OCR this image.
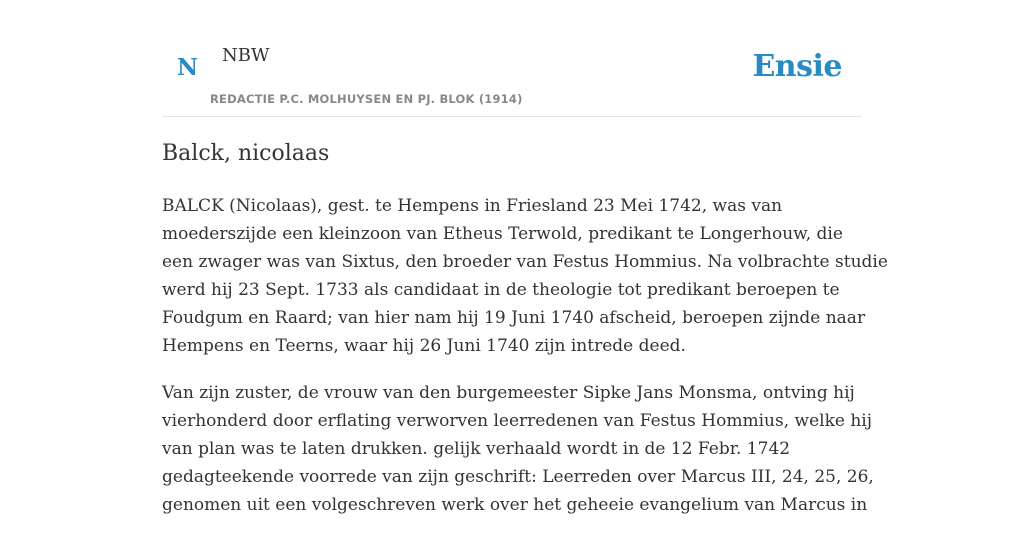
N NBW
REDACTIE P.C. MOLHUYSEN EN PJ. BLOK (1914)
Ensie
Balck, nicolaas

BALCK (Nicolaas), gest. te Hempens in Friesland 23 Mei 1742, was van
moederszijde een kleinzoon van Etheus Terwold, predikant te Longerhouw, die
een zwager was van Sixtus, den broeder van Festus Hommius. Na volbrachte studie
werd hij 23 Sept. 1733 als candidaat in de theologie tot predikant beroepen te
Foudgum en Raard; van hier nam hij 19 Juni 1740 afscheid, beroepen zijnde naar
Hempens en Teerns, waar hij 26 Juni 1740 zijn intrede deed.

Van zijn zuster, de vrouw van den burgemeester Sipke Jans Monsma, ontving hij
vierhonderd door erflating verworven leerredenen van Festus Hommius, welke hij
van plan was te laten drukken. gelijk verhaald wordt in de 12 Febr. 1742
gedagteekende voorrede van zijn geschrift: Leerreden over Marcus III, 24, 25, 26,
genomen uit een volgeschreven werk over het geheeie evangelium van Marcus in
